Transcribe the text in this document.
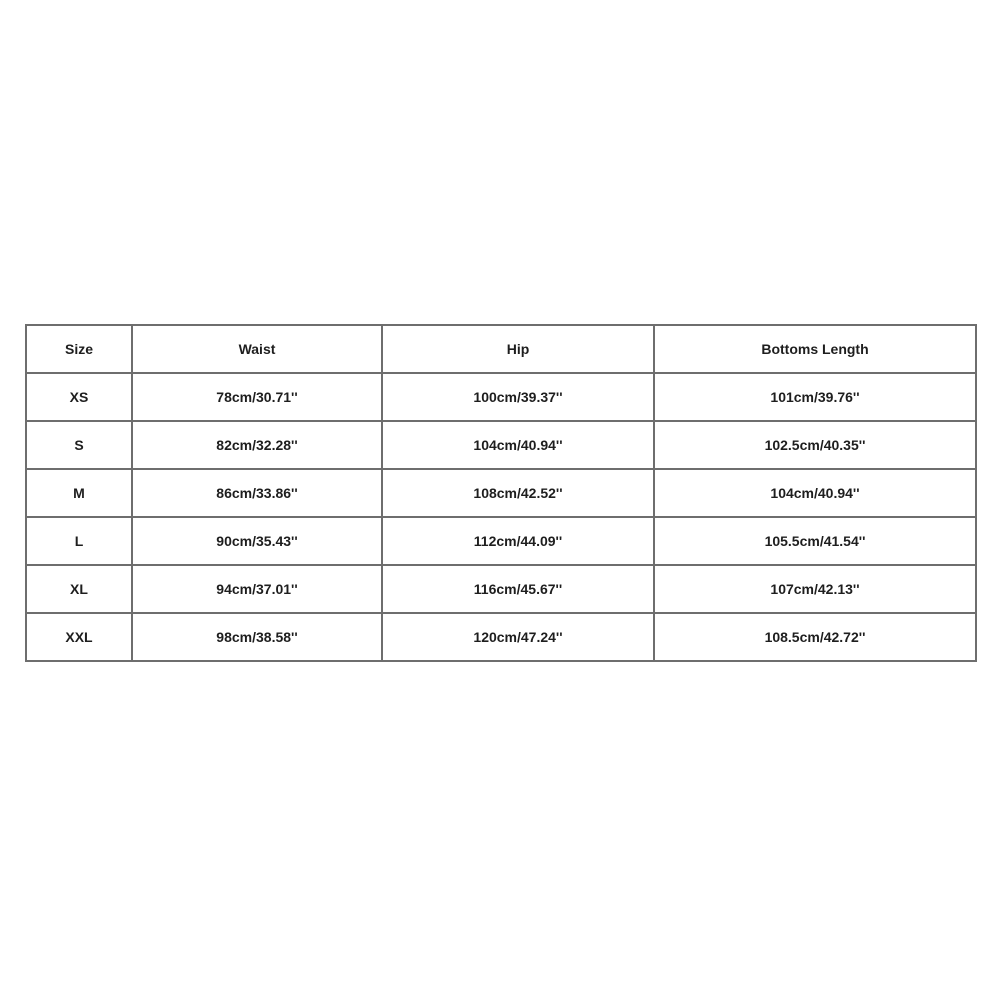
Size	Waist	Hip	Bottoms Length
XS	78cm/30.71''	100cm/39.37''	101cm/39.76''
S	82cm/32.28''	104cm/40.94''	102.5cm/40.35''
M	86cm/33.86''	108cm/42.52''	104cm/40.94''
L	90cm/35.43''	112cm/44.09''	105.5cm/41.54''
XL	94cm/37.01''	116cm/45.67''	107cm/42.13''
XXL	98cm/38.58''	120cm/47.24''	108.5cm/42.72''
